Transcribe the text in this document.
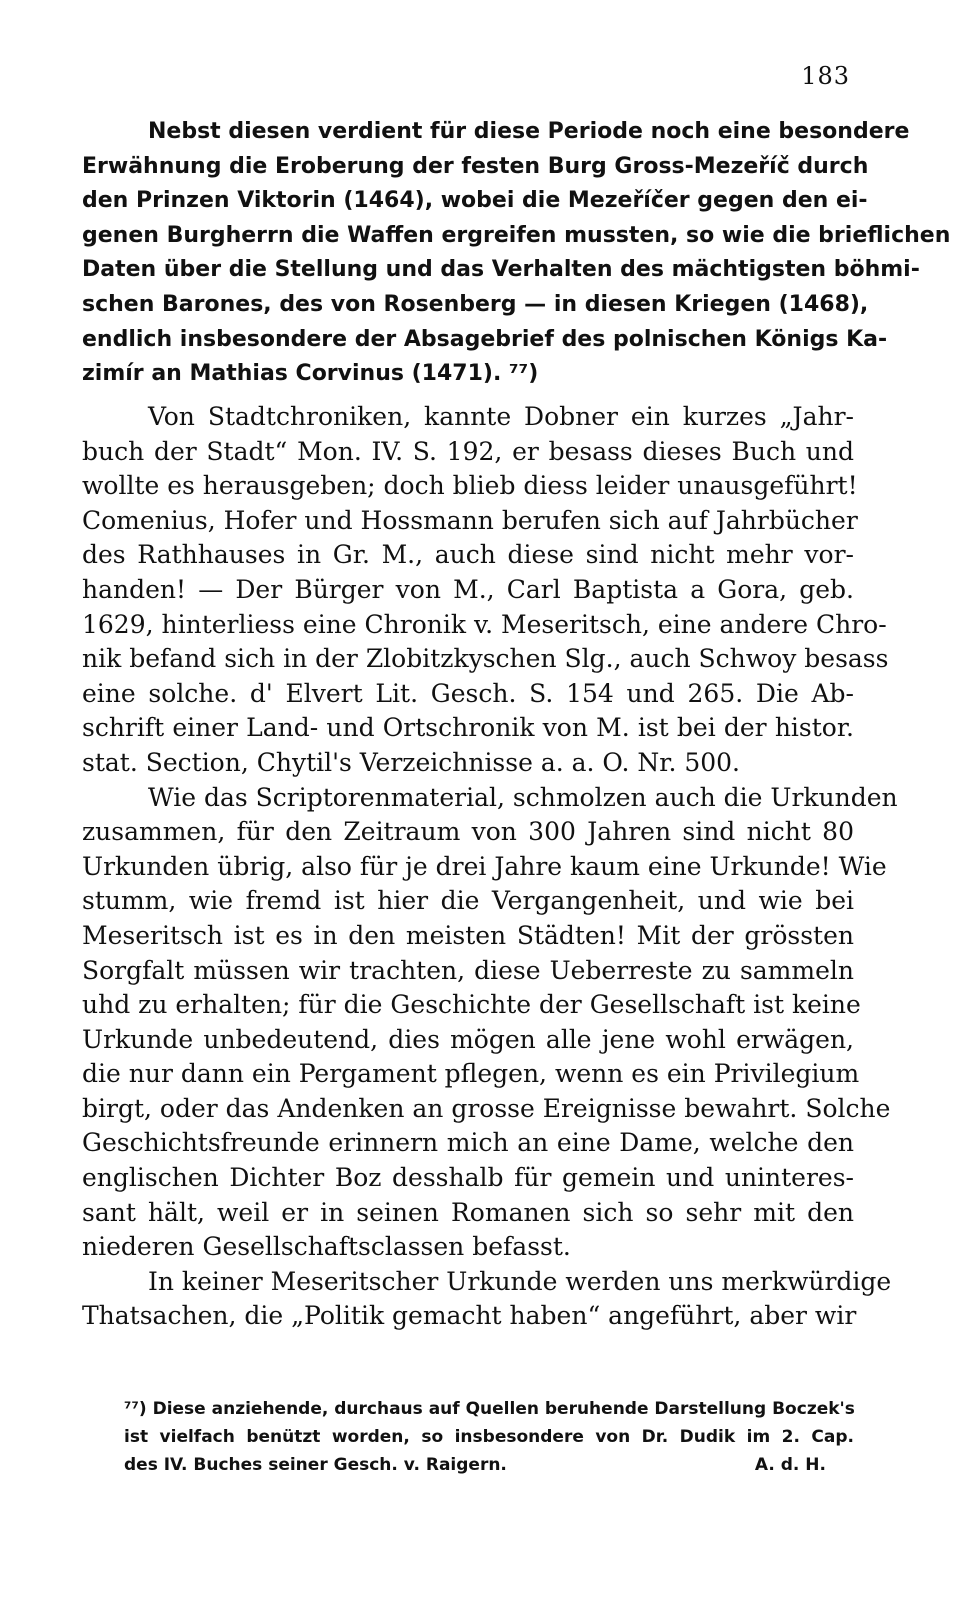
183
Nebst diesen verdient für diese Periode noch eine besondere
Erwähnung die Eroberung der festen Burg Gross-Mezeříč durch
den Prinzen Viktorin (1464), wobei die Mezeříčer gegen den ei-
genen Burgherrn die Waffen ergreifen mussten, so wie die brieflichen
Daten über die Stellung und das Verhalten des mächtigsten böhmi-
schen Barones, des von Rosenberg — in diesen Kriegen (1468),
endlich insbesondere der Absagebrief des polnischen Königs Ka-
zimír an Mathias Corvinus (1471). ⁷⁷)
Von Stadtchroniken, kannte Dobner ein kurzes „Jahr-
buch der Stadt“ Mon. IV. S. 192, er besass dieses Buch und
wollte es herausgeben; doch blieb diess leider unausgeführt!
Comenius, Hofer und Hossmann berufen sich auf Jahrbücher
des Rathhauses in Gr. M., auch diese sind nicht mehr vor-
handen! — Der Bürger von M., Carl Baptista a Gora, geb.
1629, hinterliess eine Chronik v. Meseritsch, eine andere Chro-
nik befand sich in der Zlobitzkyschen Slg., auch Schwoy besass
eine solche. d' Elvert Lit. Gesch. S. 154 und 265. Die Ab-
schrift einer Land- und Ortschronik von M. ist bei der histor.
stat. Section, Chytil's Verzeichnisse a. a. O. Nr. 500.
Wie das Scriptorenmaterial, schmolzen auch die Urkunden
zusammen, für den Zeitraum von 300 Jahren sind nicht 80
Urkunden übrig, also für je drei Jahre kaum eine Urkunde! Wie
stumm, wie fremd ist hier die Vergangenheit, und wie bei
Meseritsch ist es in den meisten Städten! Mit der grössten
Sorgfalt müssen wir trachten, diese Ueberreste zu sammeln
uhd zu erhalten; für die Geschichte der Gesellschaft ist keine
Urkunde unbedeutend, dies mögen alle jene wohl erwägen,
die nur dann ein Pergament pflegen, wenn es ein Privilegium
birgt, oder das Andenken an grosse Ereignisse bewahrt. Solche
Geschichtsfreunde erinnern mich an eine Dame, welche den
englischen Dichter Boz desshalb für gemein und uninteres-
sant hält, weil er in seinen Romanen sich so sehr mit den
niederen Gesellschaftsclassen befasst.
In keiner Meseritscher Urkunde werden uns merkwürdige
Thatsachen, die „Politik gemacht haben“ angeführt, aber wir
⁷⁷) Diese anziehende, durchaus auf Quellen beruhende Darstellung Boczek's
ist vielfach benützt worden, so insbesondere von Dr. Dudik im 2. Cap.
des IV. Buches seiner Gesch. v. Raigern.	A. d. H.
